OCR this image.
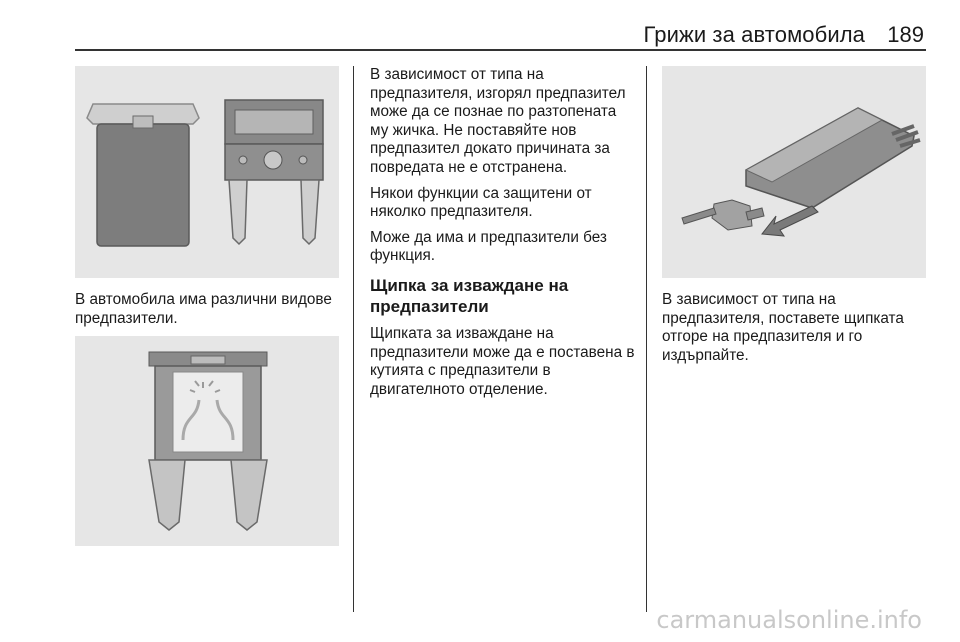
Грижи за автомобила 189

В автомобила има различни видове предпазители.

В зависимост от типа на предпазителя, изгорял предпазител може да се познае по разтопената му жичка. Не поставяйте нов предпазител докато причината за повредата не е отстранена.

Някои функции са защитени от няколко предпазителя.

Може да има и предпазители без функция.

Щипка за изваждане на предпазители

Щипката за изваждане на предпазители може да е поставена в кутията с предпазители в двигателното отделение.

В зависимост от типа на предпазителя, поставете щипката отгоре на предпазителя и го издърпайте.

carmanualsonline.info
